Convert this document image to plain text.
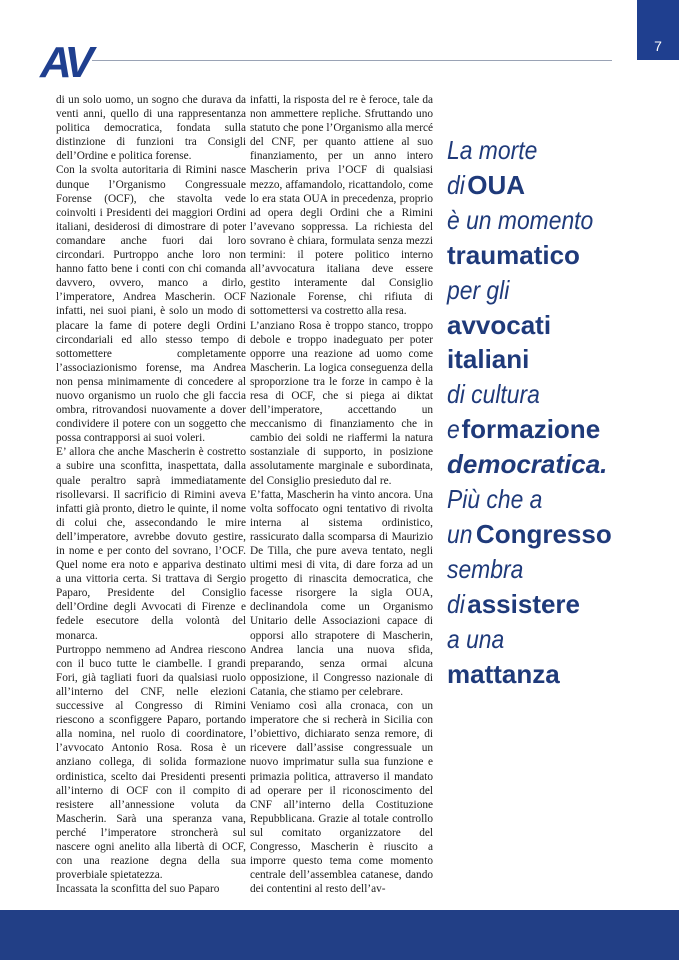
AV	7

di un solo uomo, un sogno che durava da venti anni, quello di una rappresentanza politica democratica, fondata sulla distinzione di funzioni tra Consigli dell’Ordine e politica forense.

Con la svolta autoritaria di Rimini nasce dunque l’Organismo Congressuale Forense (OCF), che stavolta vede coinvolti i Presidenti dei maggiori Ordini italiani, desiderosi di dimostrare di poter comandare anche fuori dai loro circondari. Purtroppo anche loro non hanno fatto bene i conti con chi comanda davvero, ovvero, manco a dirlo, l’imperatore, Andrea Mascherin. OCF infatti, nei suoi piani, è solo un modo di placare la fame di potere degli Ordini circondariali ed allo stesso tempo di sottomettere completamente l’associazionismo forense, ma Andrea non pensa minimamente di concedere al nuovo organismo un ruolo che gli faccia ombra, ritrovandosi nuovamente a dover condividere il potere con un soggetto che possa contrapporsi ai suoi voleri.

E’ allora che anche Mascherin è costretto a subire una sconfitta, inaspettata, dalla quale peraltro saprà immediatamente risollevarsi. Il sacrificio di Rimini aveva infatti già pronto, dietro le quinte, il nome di colui che, assecondando le mire dell’imperatore, avrebbe dovuto gestire, in nome e per conto del sovrano, l’OCF. Quel nome era noto e appariva destinato a una vittoria certa. Si trattava di Sergio Paparo, Presidente del Consiglio dell’Ordine degli Avvocati di Firenze e fedele esecutore della volontà del monarca.

Purtroppo nemmeno ad Andrea riescono con il buco tutte le ciambelle. I grandi Fori, già tagliati fuori da qualsiasi ruolo all’interno del CNF, nelle elezioni successive al Congresso di Rimini riescono a sconfiggere Paparo, portando alla nomina, nel ruolo di coordinatore, l’avvocato Antonio Rosa. Rosa è un anziano collega, di solida formazione ordinistica, scelto dai Presidenti presenti all’interno di OCF con il compito di resistere all’annessione voluta da Mascherin. Sarà una speranza vana, perché l’imperatore stroncherà sul nascere ogni anelito alla libertà di OCF, con una reazione degna della sua proverbiale spietatezza.

Incassata la sconfitta del suo Paparo

infatti, la risposta del re è feroce, tale da non ammettere repliche. Sfruttando uno statuto che pone l’Organismo alla mercé del CNF, per quanto attiene al suo finanziamento, per un anno intero Mascherin priva l’OCF di qualsiasi mezzo, affamandolo, ricattandolo, come lo era stata OUA in precedenza, proprio ad opera degli Ordini che a Rimini l’avevano soppressa. La richiesta del sovrano è chiara, formulata senza mezzi termini: il potere politico interno all’avvocatura italiana deve essere gestito interamente dal Consiglio Nazionale Forense, chi rifiuta di sottomettersi va costretto alla resa.

L’anziano Rosa è troppo stanco, troppo debole e troppo inadeguato per poter opporre una reazione ad uomo come Mascherin. La logica conseguenza della sproporzione tra le forze in campo è la resa di OCF, che si piega ai diktat dell’imperatore, accettando un meccanismo di finanziamento che in cambio dei soldi ne riaffermi la natura sostanziale di supporto, in posizione assolutamente marginale e subordinata, del Consiglio presieduto dal re.

E’fatta, Mascherin ha vinto ancora. Una volta soffocato ogni tentativo di rivolta interna al sistema ordinistico, rassicurato dalla scomparsa di Maurizio De Tilla, che pure aveva tentato, negli ultimi mesi di vita, di dare forza ad un progetto di rinascita democratica, che facesse risorgere la sigla OUA, declinandola come un Organismo Unitario delle Associazioni capace di opporsi allo strapotere di Mascherin, Andrea lancia una nuova sfida, preparando, senza ormai alcuna opposizione, il Congresso nazionale di Catania, che stiamo per celebrare.

Veniamo così alla cronaca, con un imperatore che si recherà in Sicilia con l’obiettivo, dichiarato senza remore, di ricevere dall’assise congressuale un nuovo imprimatur sulla sua funzione e primazia politica, attraverso il mandato ad operare per il riconoscimento del CNF all’interno della Costituzione Repubblicana. Grazie al totale controllo sul comitato organizzatore del Congresso, Mascherin è riuscito a imporre questo tema come momento centrale dell’assemblea catanese, dando dei contentini al resto dell’av-

La morte
diOUA
è un momento
traumatico
per gli
avvocati
italiani
di cultura
eformazione
democratica.
Più che a
unCongresso
sembra
diassistere
a una
mattanza
